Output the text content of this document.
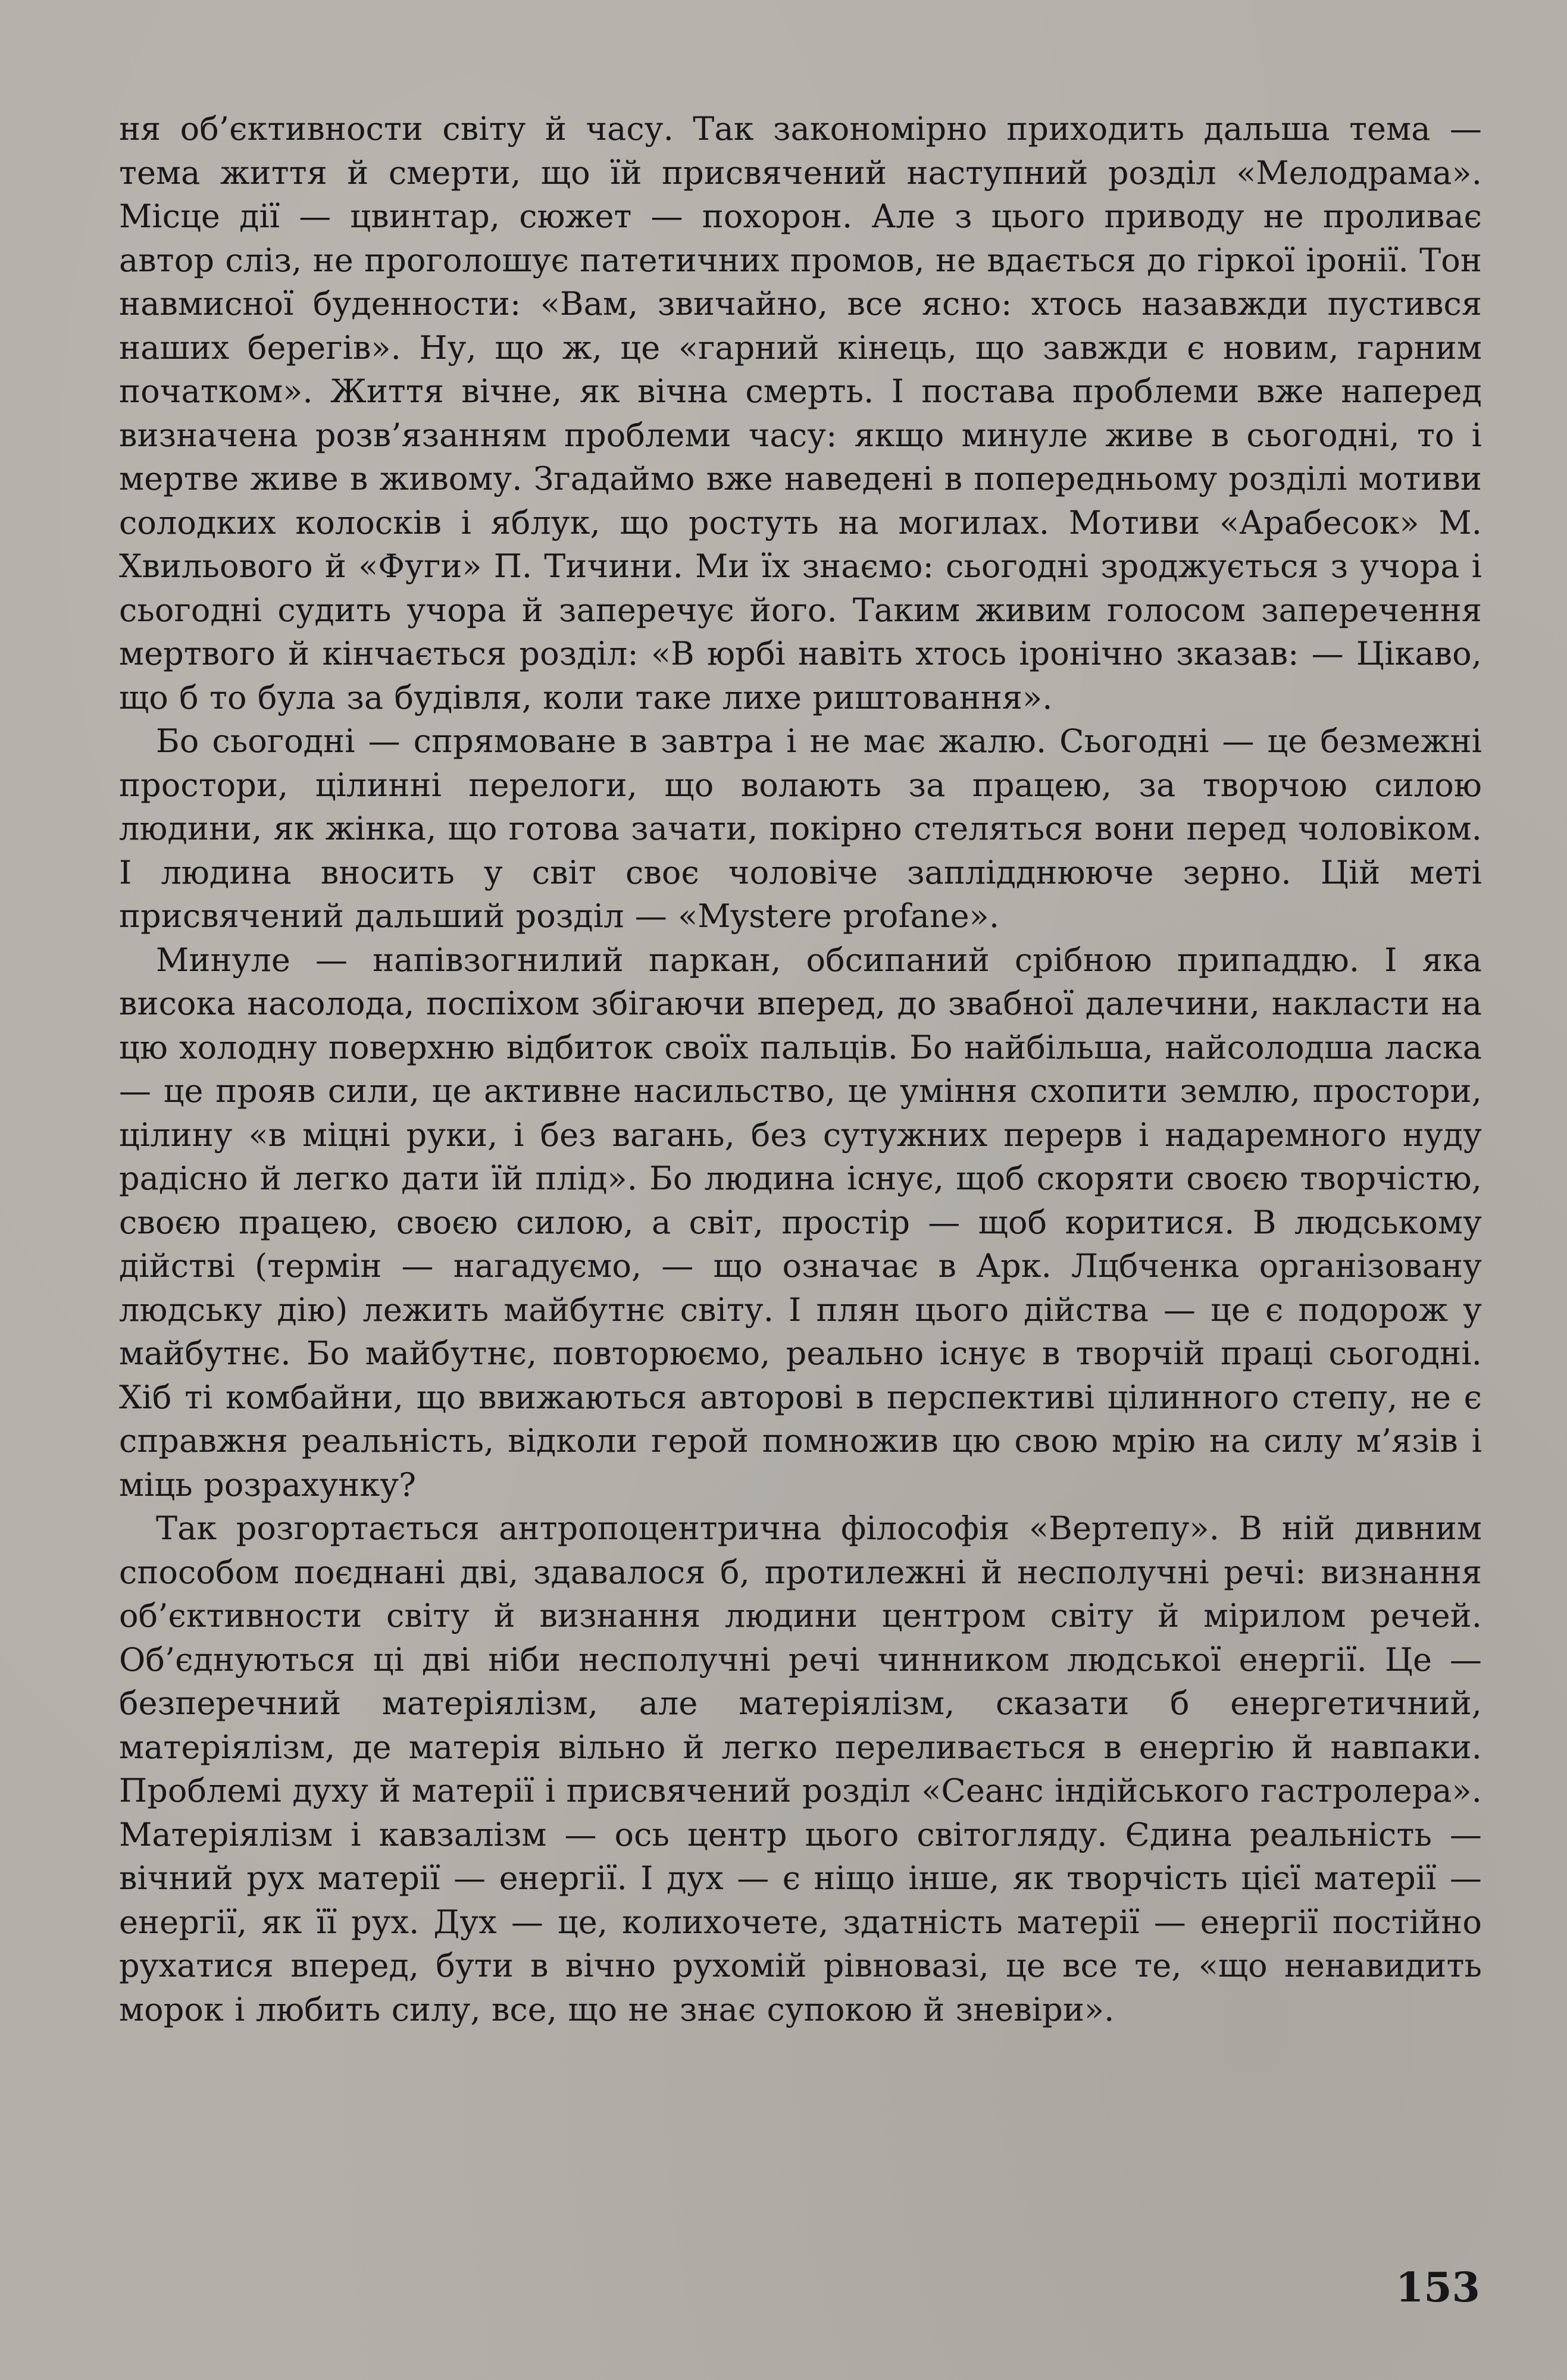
ня об’єктивности світу й часу. Так закономірно приходить дальша тема — тема життя й смерти, що їй присвячений наступний розділ «Мелодрама». Місце дії — цвинтар, сюжет — похорон. Але з цього приводу не проливає автор сліз, не проголошує патетичних промов, не вдається до гіркої іронії. Тон навмисної буденности: «Вам, звичайно, все ясно: хтось назавжди пустився наших берегів». Ну, що ж, це «гарний кінець, що завжди є новим, гарним початком». Життя вічне, як вічна смерть. І постава проблеми вже наперед визначена розв’язанням проблеми часу: якщо минуле живе в сьогодні, то і мертве живе в живому. Згадаймо вже наведені в попередньому розділі мотиви солодких колосків і яблук, що ростуть на могилах. Мотиви «Арабесок» М. Хвильового й «Фуги» П. Тичини. Ми їх знаємо: сьогодні зроджується з учора і сьогодні судить учора й заперечує його. Таким живим голосом заперечення мертвого й кінчається розділ: «В юрбі навіть хтось іронічно зказав: — Цікаво, що б то була за будівля, коли таке лихе риштовання».

Бо сьогодні — спрямоване в завтра і не має жалю. Сьогодні — це безмежні простори, цілинні перелоги, що волають за працею, за творчою силою людини, як жінка, що готова зачати, покірно стеляться вони перед чоловіком. І людина вносить у світ своє чоловіче заплідднююче зерно. Цій меті присвячений дальший розділ — «Mystere profane».

Минуле — напівзогнилий паркан, обсипаний срібною припаддю. І яка висока насолода, поспіхом збігаючи вперед, до звабної далечини, накласти на цю холодну поверхню відбиток своїх пальців. Бо найбільша, найсолодша ласка — це прояв сили, це активне насильство, це уміння схопити землю, простори, цілину «в міцні руки, і без вагань, без сутужних перерв і надаремного нуду радісно й легко дати їй плід». Бо людина існує, щоб скоряти своєю творчістю, своєю працею, своєю силою, а світ, простір — щоб коритися. В людському дійстві (термін — нагадуємо, — що означає в Арк. Лцбченка організовану людську дію) лежить майбутнє світу. І плян цього дійства — це є подорож у майбутнє. Бо майбутнє, повторюємо, реально існує в творчій праці сьогодні. Хіб ті комбайни, що ввижаються авторові в перспективі цілинного степу, не є справжня реальність, відколи герой помножив цю свою мрію на силу м’язів і міць розрахунку?

Так розгортається антропоцентрична філософія «Вертепу». В ній дивним способом поєднані дві, здавалося б, протилежні й несполучні речі: визнання об’єктивности світу й визнання людини центром світу й мірилом речей. Об’єднуються ці дві ніби несполучні речі чинником людської енергії. Це — безперечний матеріялізм, але матеріялізм, сказати б енергетичний, матеріялізм, де матерія вільно й легко переливається в енергію й навпаки. Проблемі духу й матерії і присвячений розділ «Сеанс індійського гастролера». Матеріялізм і кавзалізм — ось центр цього світогляду. Єдина реальність — вічний рух матерії — енергії. І дух — є ніщо інше, як творчість цієї матерії — енергії, як її рух. Дух — це, колихочете, здатність матерії — енергії постійно рухатися вперед, бути в вічно рухомій рівновазі, це все те, «що ненавидить морок і любить силу, все, що не знає супокою й зневіри».

153
